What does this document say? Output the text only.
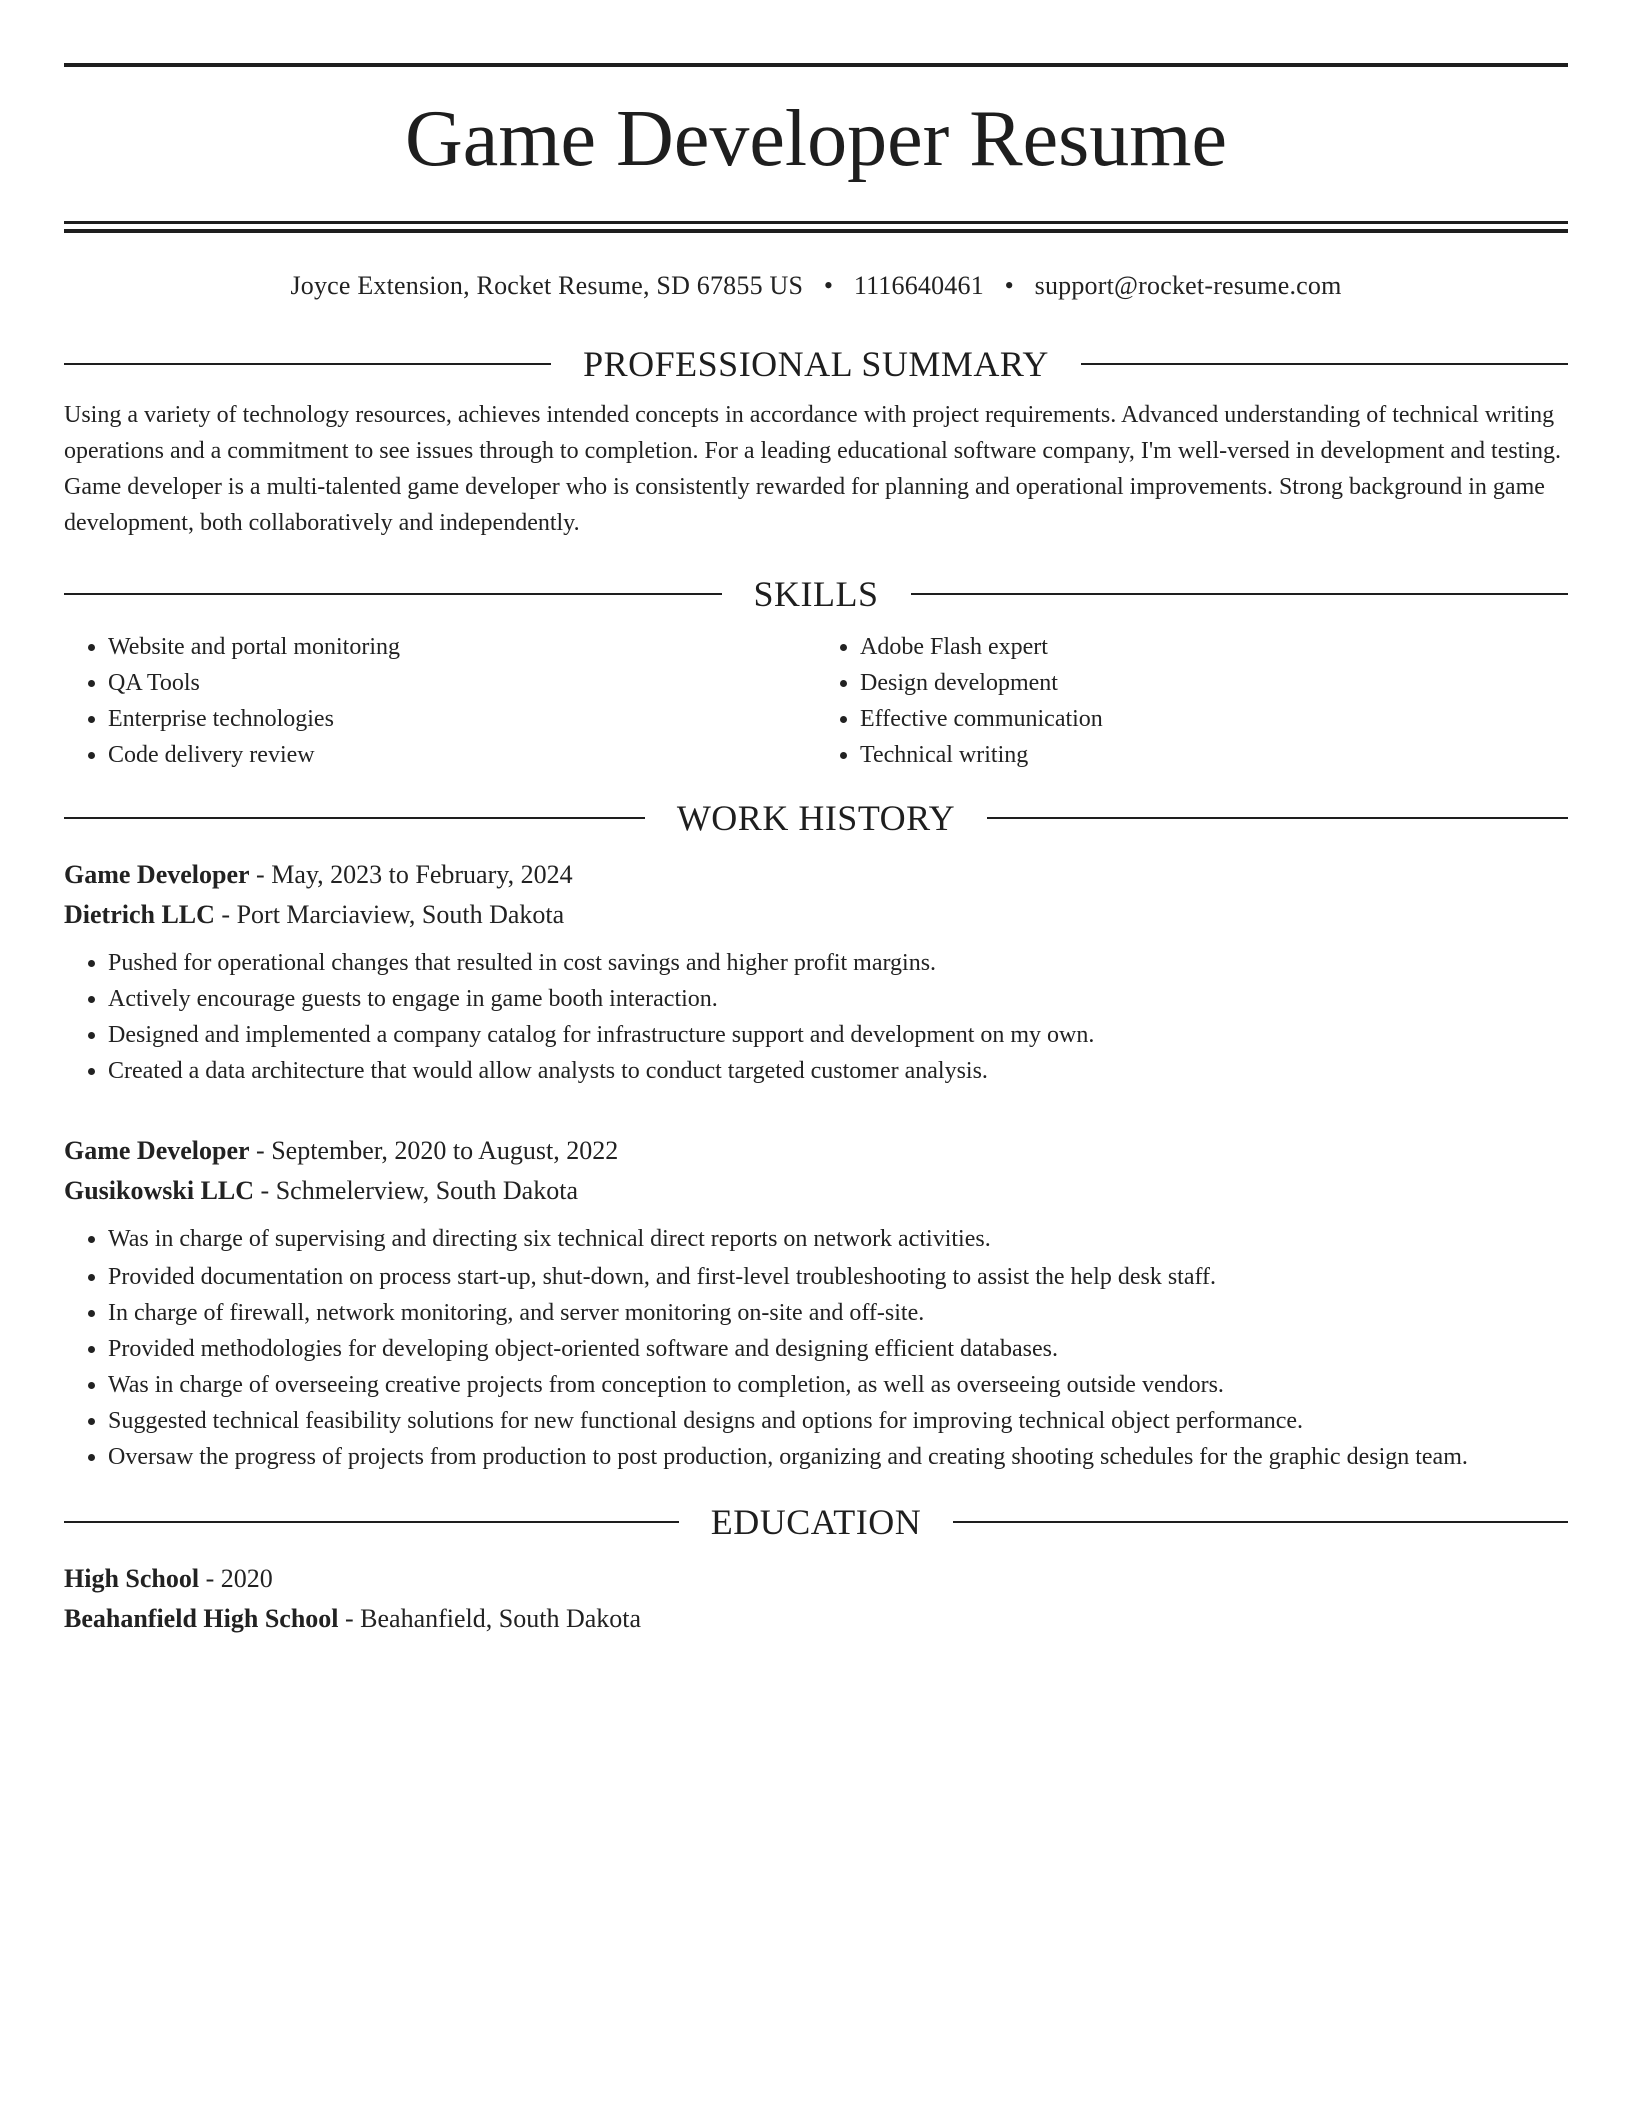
Game Developer Resume
Joyce Extension, Rocket Resume, SD 67855 US • 1116640461 • support@rocket-resume.com
PROFESSIONAL SUMMARY
Using a variety of technology resources, achieves intended concepts in accordance with project requirements. Advanced understanding of technical writing operations and a commitment to see issues through to completion. For a leading educational software company, I'm well-versed in development and testing. Game developer is a multi-talented game developer who is consistently rewarded for planning and operational improvements. Strong background in game development, both collaboratively and independently.
SKILLS
• Website and portal monitoring
• QA Tools
• Enterprise technologies
• Code delivery review
• Adobe Flash expert
• Design development
• Effective communication
• Technical writing
WORK HISTORY
Game Developer - May, 2023 to February, 2024
Dietrich LLC - Port Marciaview, South Dakota
• Pushed for operational changes that resulted in cost savings and higher profit margins.
• Actively encourage guests to engage in game booth interaction.
• Designed and implemented a company catalog for infrastructure support and development on my own.
• Created a data architecture that would allow analysts to conduct targeted customer analysis.
Game Developer - September, 2020 to August, 2022
Gusikowski LLC - Schmelerview, South Dakota
• Was in charge of supervising and directing six technical direct reports on network activities.
• Provided documentation on process start-up, shut-down, and first-level troubleshooting to assist the help desk staff.
• In charge of firewall, network monitoring, and server monitoring on-site and off-site.
• Provided methodologies for developing object-oriented software and designing efficient databases.
• Was in charge of overseeing creative projects from conception to completion, as well as overseeing outside vendors.
• Suggested technical feasibility solutions for new functional designs and options for improving technical object performance.
• Oversaw the progress of projects from production to post production, organizing and creating shooting schedules for the graphic design team.
EDUCATION
High School - 2020
Beahanfield High School - Beahanfield, South Dakota
